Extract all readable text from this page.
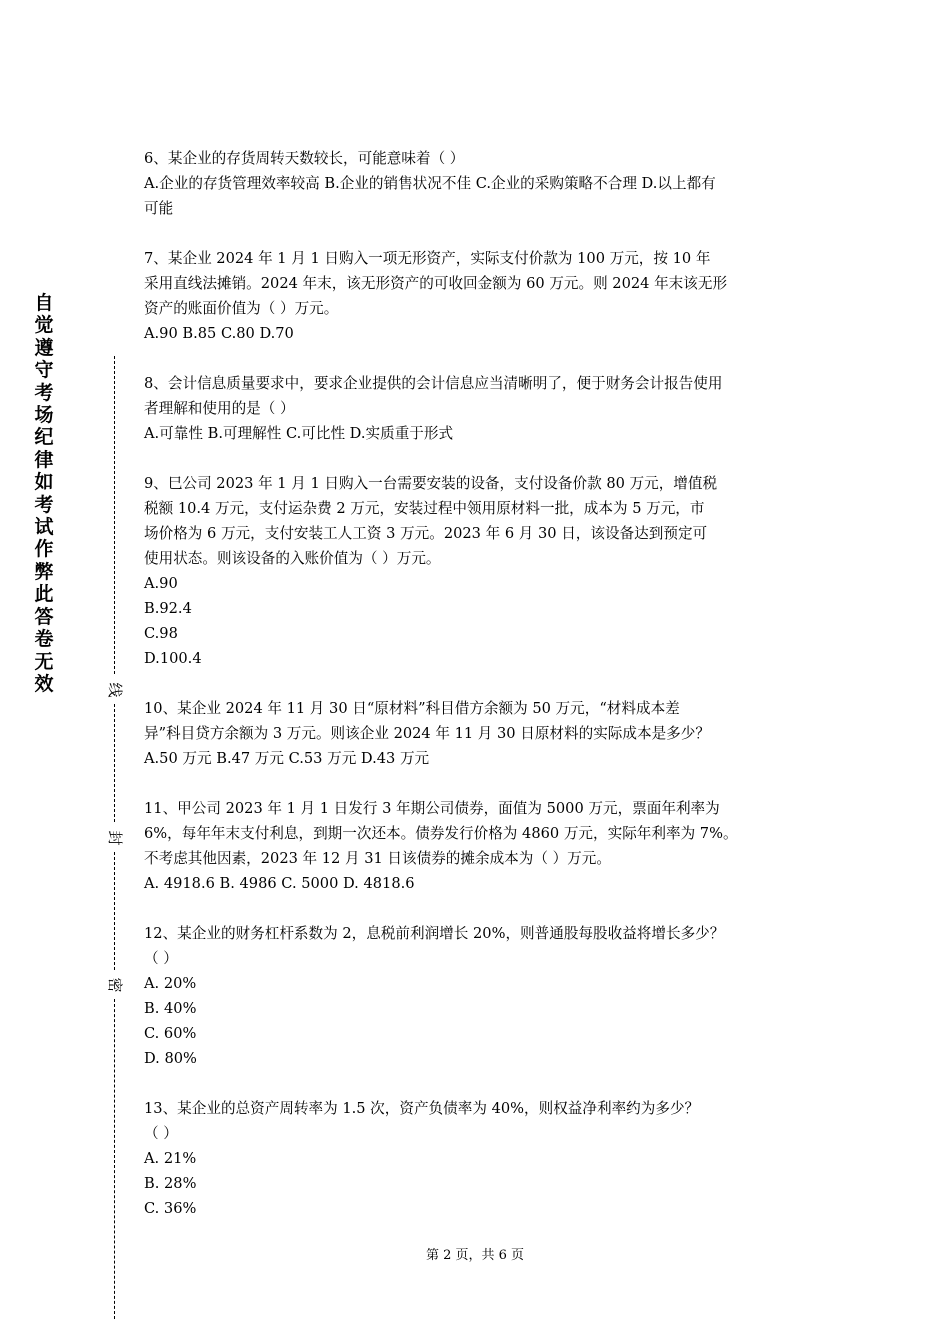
自觉遵守考场纪律如考试作弊此答卷无效	线
封
密

6、某企业的存货周转天数较长，可能意味着（ ）

A.企业的存货管理效率较高 B.企业的销售状况不佳 C.企业的采购策略不合理 D.以上都有

可能

7、某企业 2024 年 1 月 1 日购入一项无形资产，实际支付价款为 100 万元，按 10 年

采用直线法摊销。2024 年末，该无形资产的可收回金额为 60 万元。则 2024 年末该无形

资产的账面价值为（ ）万元。

A.90 B.85 C.80 D.70

8、会计信息质量要求中，要求企业提供的会计信息应当清晰明了，便于财务会计报告使用

者理解和使用的是（ ）

A.可靠性 B.可理解性 C.可比性 D.实质重于形式

9、巳公司 2023 年 1 月 1 日购入一台需要安装的设备，支付设备价款 80 万元，增值税

税额 10.4 万元，支付运杂费 2 万元，安装过程中领用原材料一批，成本为 5 万元，市

场价格为 6 万元，支付安装工人工资 3 万元。2023 年 6 月 30 日，该设备达到预定可

使用状态。则该设备的入账价值为（ ）万元。

A.90

B.92.4

C.98

D.100.4

10、某企业 2024 年 11 月 30 日“原材料”科目借方余额为 50 万元，“材料成本差

异”科目贷方余额为 3 万元。则该企业 2024 年 11 月 30 日原材料的实际成本是多少？

A.50 万元 B.47 万元 C.53 万元 D.43 万元

11、甲公司 2023 年 1 月 1 日发行 3 年期公司债券，面值为 5000 万元，票面年利率为

6%，每年年末支付利息，到期一次还本。债券发行价格为 4860 万元，实际年利率为 7%。

不考虑其他因素，2023 年 12 月 31 日该债券的摊余成本为（ ）万元。

A. 4918.6 B. 4986 C. 5000 D. 4818.6

12、某企业的财务杠杆系数为 2，息税前利润增长 20%，则普通股每股收益将增长多少？

（ ）

A. 20%

B. 40%

C. 60%

D. 80%

13、某企业的总资产周转率为 1.5 次，资产负债率为 40%，则权益净利率约为多少？

（ ）

A. 21%

B. 28%

C. 36%

第 2 页，共 6 页
